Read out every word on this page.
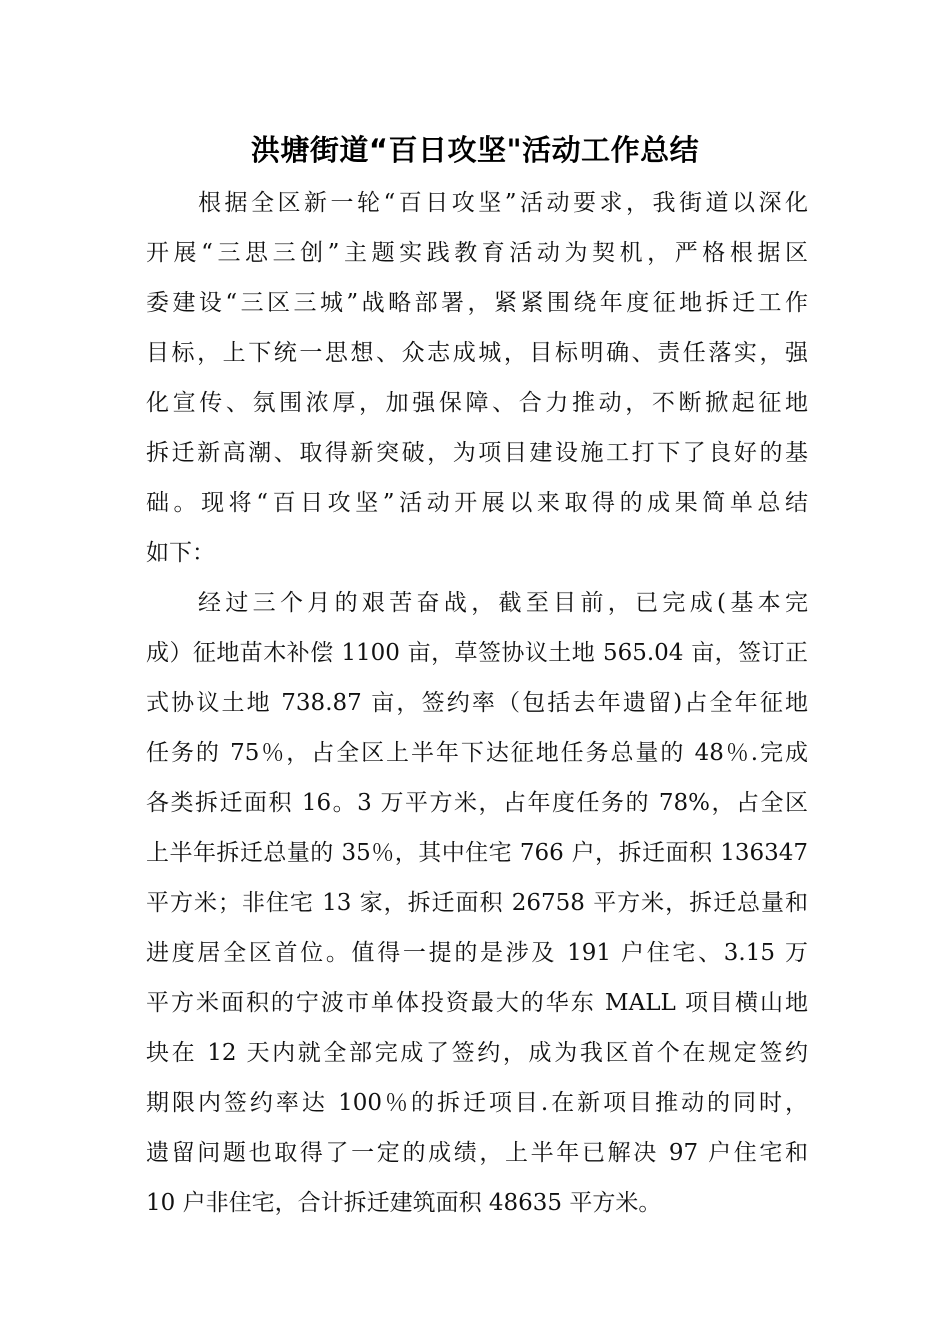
洪塘街道“百日攻坚"活动工作总结
根据全区新一轮“百日攻坚”活动要求，我街道以深化
开展“三思三创”主题实践教育活动为契机，严格根据区
委建设“三区三城”战略部署，紧紧围绕年度征地拆迁工作
目标，上下统一思想、众志成城，目标明确、责任落实，强
化宣传、氛围浓厚，加强保障、合力推动，不断掀起征地
拆迁新高潮、取得新突破，为项目建设施工打下了良好的基
础。现将“百日攻坚”活动开展以来取得的成果简单总结
如下：
经过三个月的艰苦奋战，截至目前，已完成(基本完
成）征地苗木补偿 1100 亩，草签协议土地 565.04 亩，签订正
式协议土地 738.87 亩，签约率（包括去年遗留)占全年征地
任务的 75％，占全区上半年下达征地任务总量的 48％.完成
各类拆迁面积 16。3 万平方米，占年度任务的 78%，占全区
上半年拆迁总量的 35％，其中住宅 766 户，拆迁面积 136347
平方米；非住宅 13 家，拆迁面积 26758 平方米，拆迁总量和
进度居全区首位。值得一提的是涉及 191 户住宅、3.15 万
平方米面积的宁波市单体投资最大的华东 MALL 项目横山地
块在 12 天内就全部完成了签约，成为我区首个在规定签约
期限内签约率达 100％的拆迁项目.在新项目推动的同时，
遗留问题也取得了一定的成绩，上半年已解决 97 户住宅和
10 户非住宅，合计拆迁建筑面积 48635 平方米。
